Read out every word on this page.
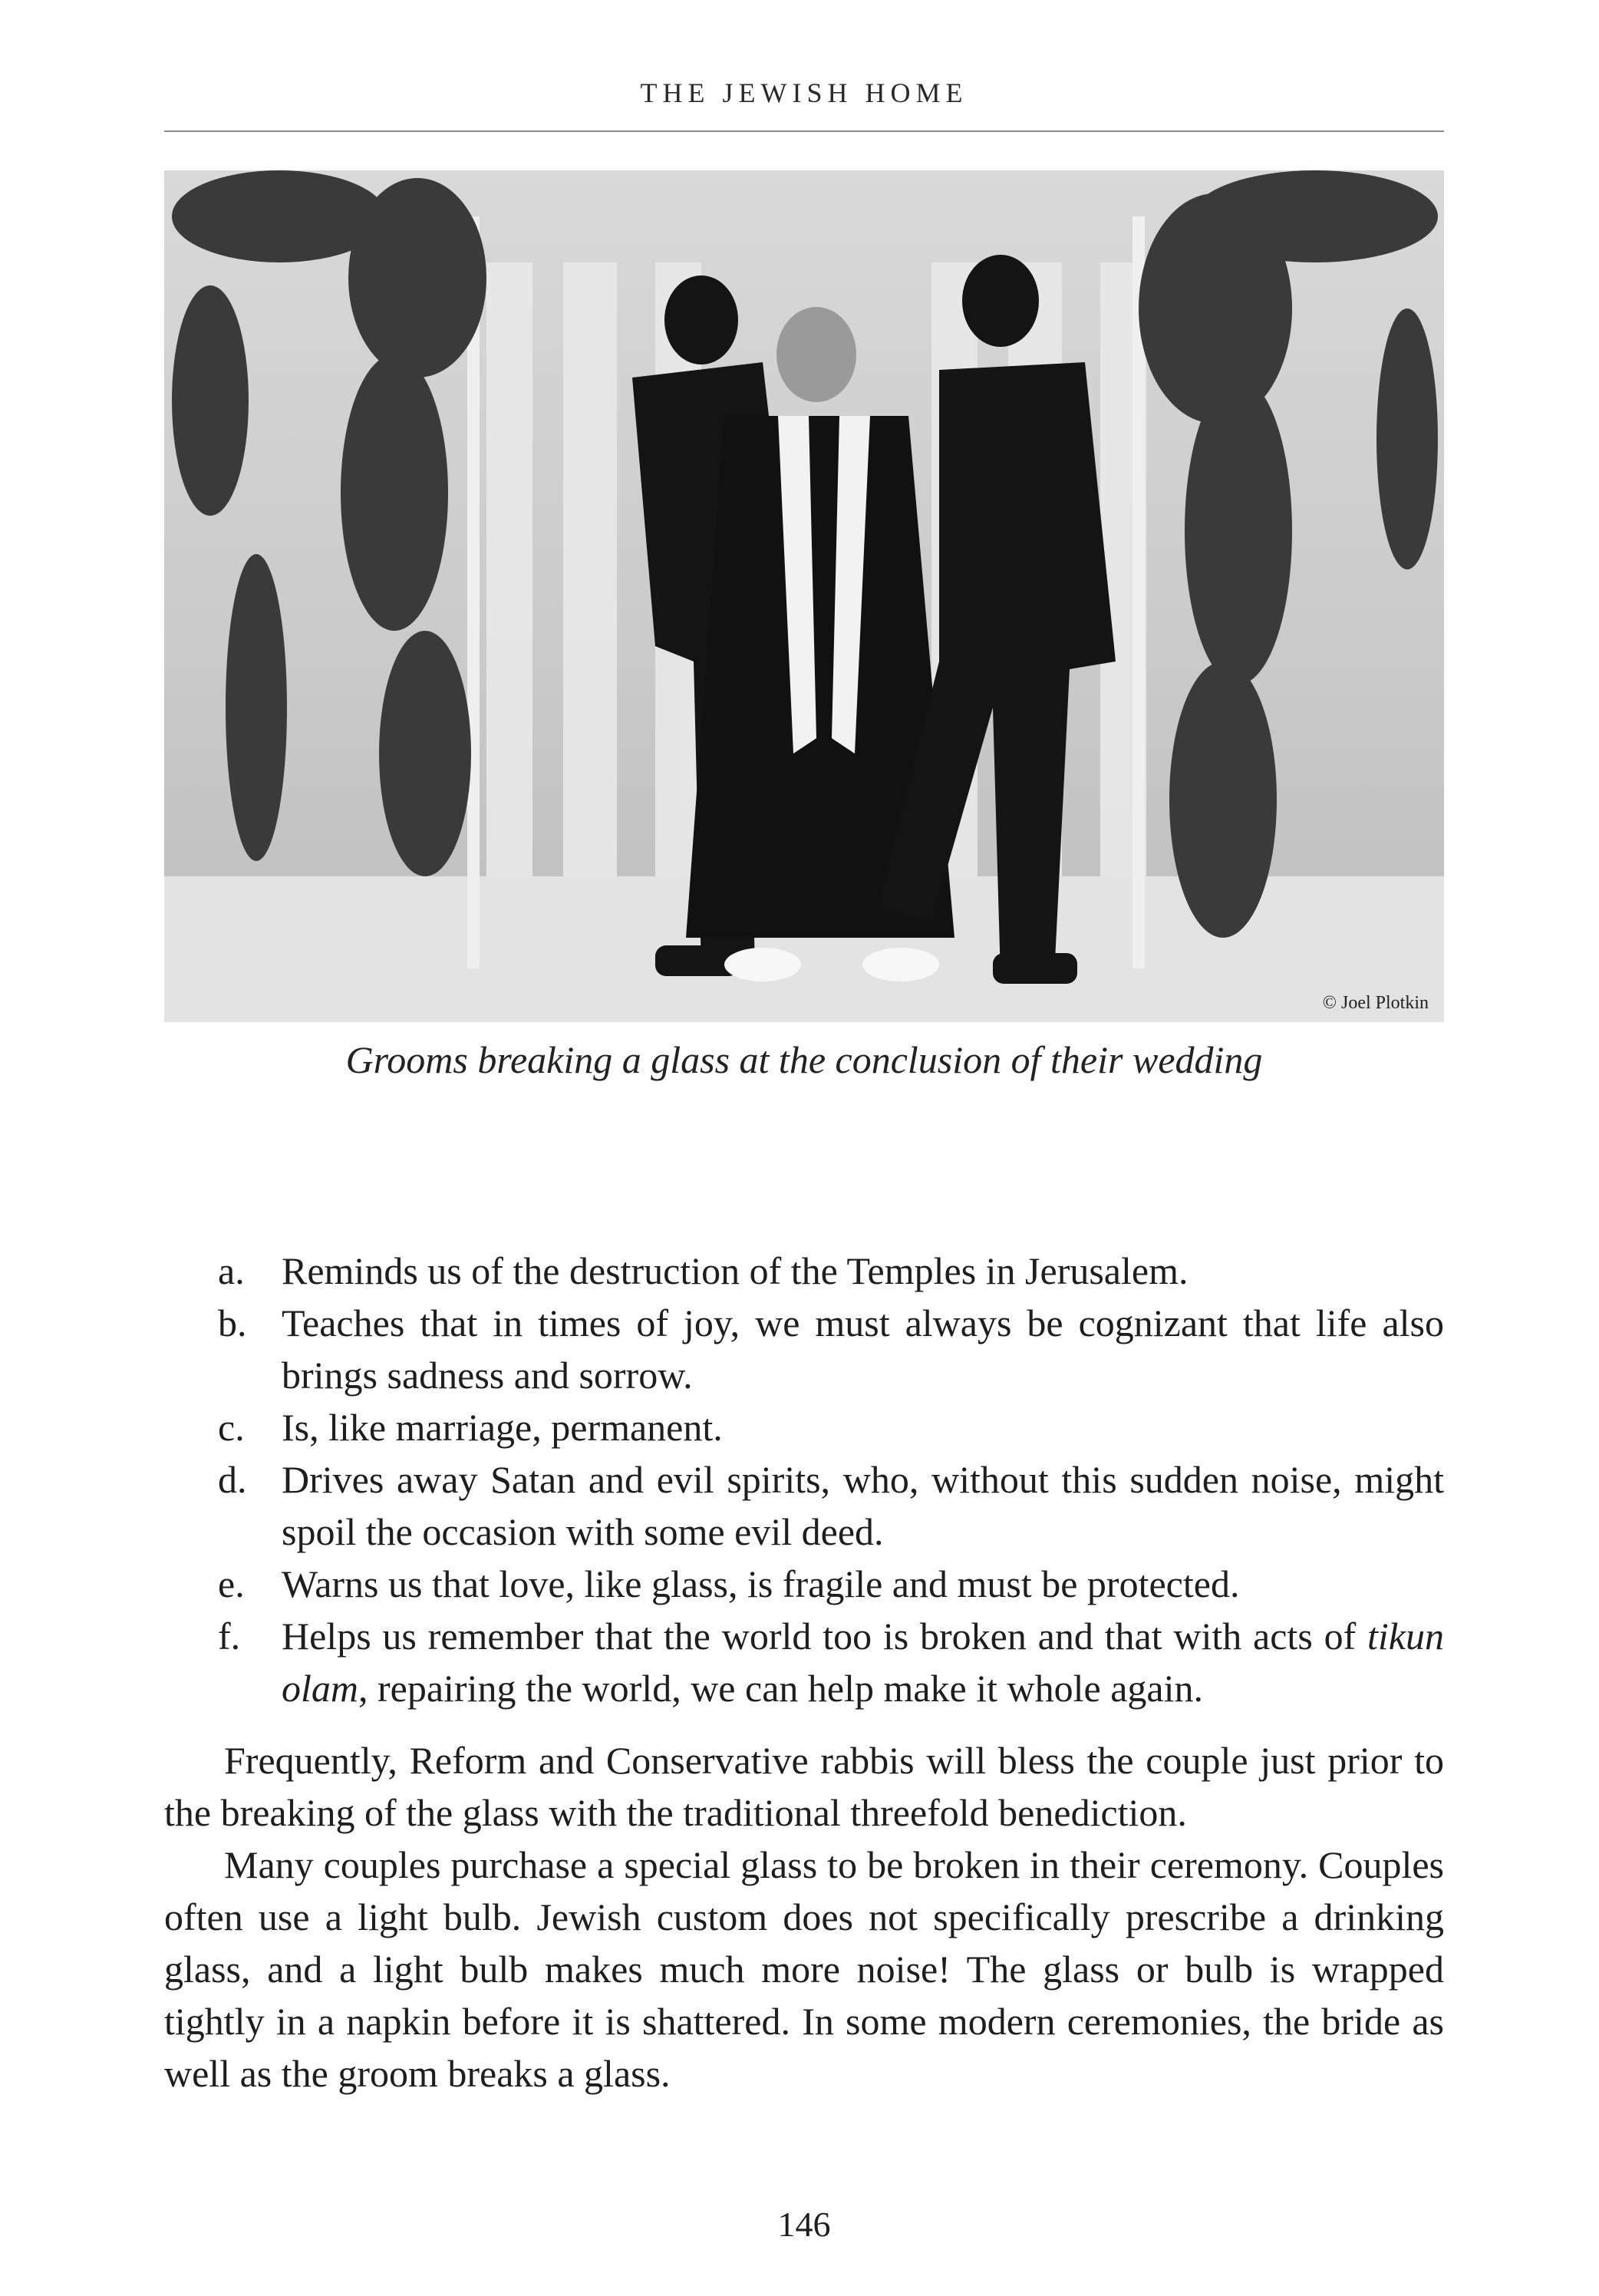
THE JEWISH HOME
© Joel Plotkin
Grooms breaking a glass at the conclusion of their wedding
a. Reminds us of the destruction of the Temples in Jerusalem.
b. Teaches that in times of joy, we must always be cognizant that life also brings sadness and sorrow.
c. Is, like marriage, permanent.
d. Drives away Satan and evil spirits, who, without this sudden noise, might spoil the occasion with some evil deed.
e. Warns us that love, like glass, is fragile and must be protected.
f. Helps us remember that the world too is broken and that with acts of tikun olam, repairing the world, we can help make it whole again.

Frequently, Reform and Conservative rabbis will bless the couple just prior to the breaking of the glass with the traditional threefold benediction.

Many couples purchase a special glass to be broken in their ceremony. Couples often use a light bulb. Jewish custom does not specifically prescribe a drinking glass, and a light bulb makes much more noise! The glass or bulb is wrapped tightly in a napkin before it is shattered. In some modern ceremonies, the bride as well as the groom breaks a glass.

146
